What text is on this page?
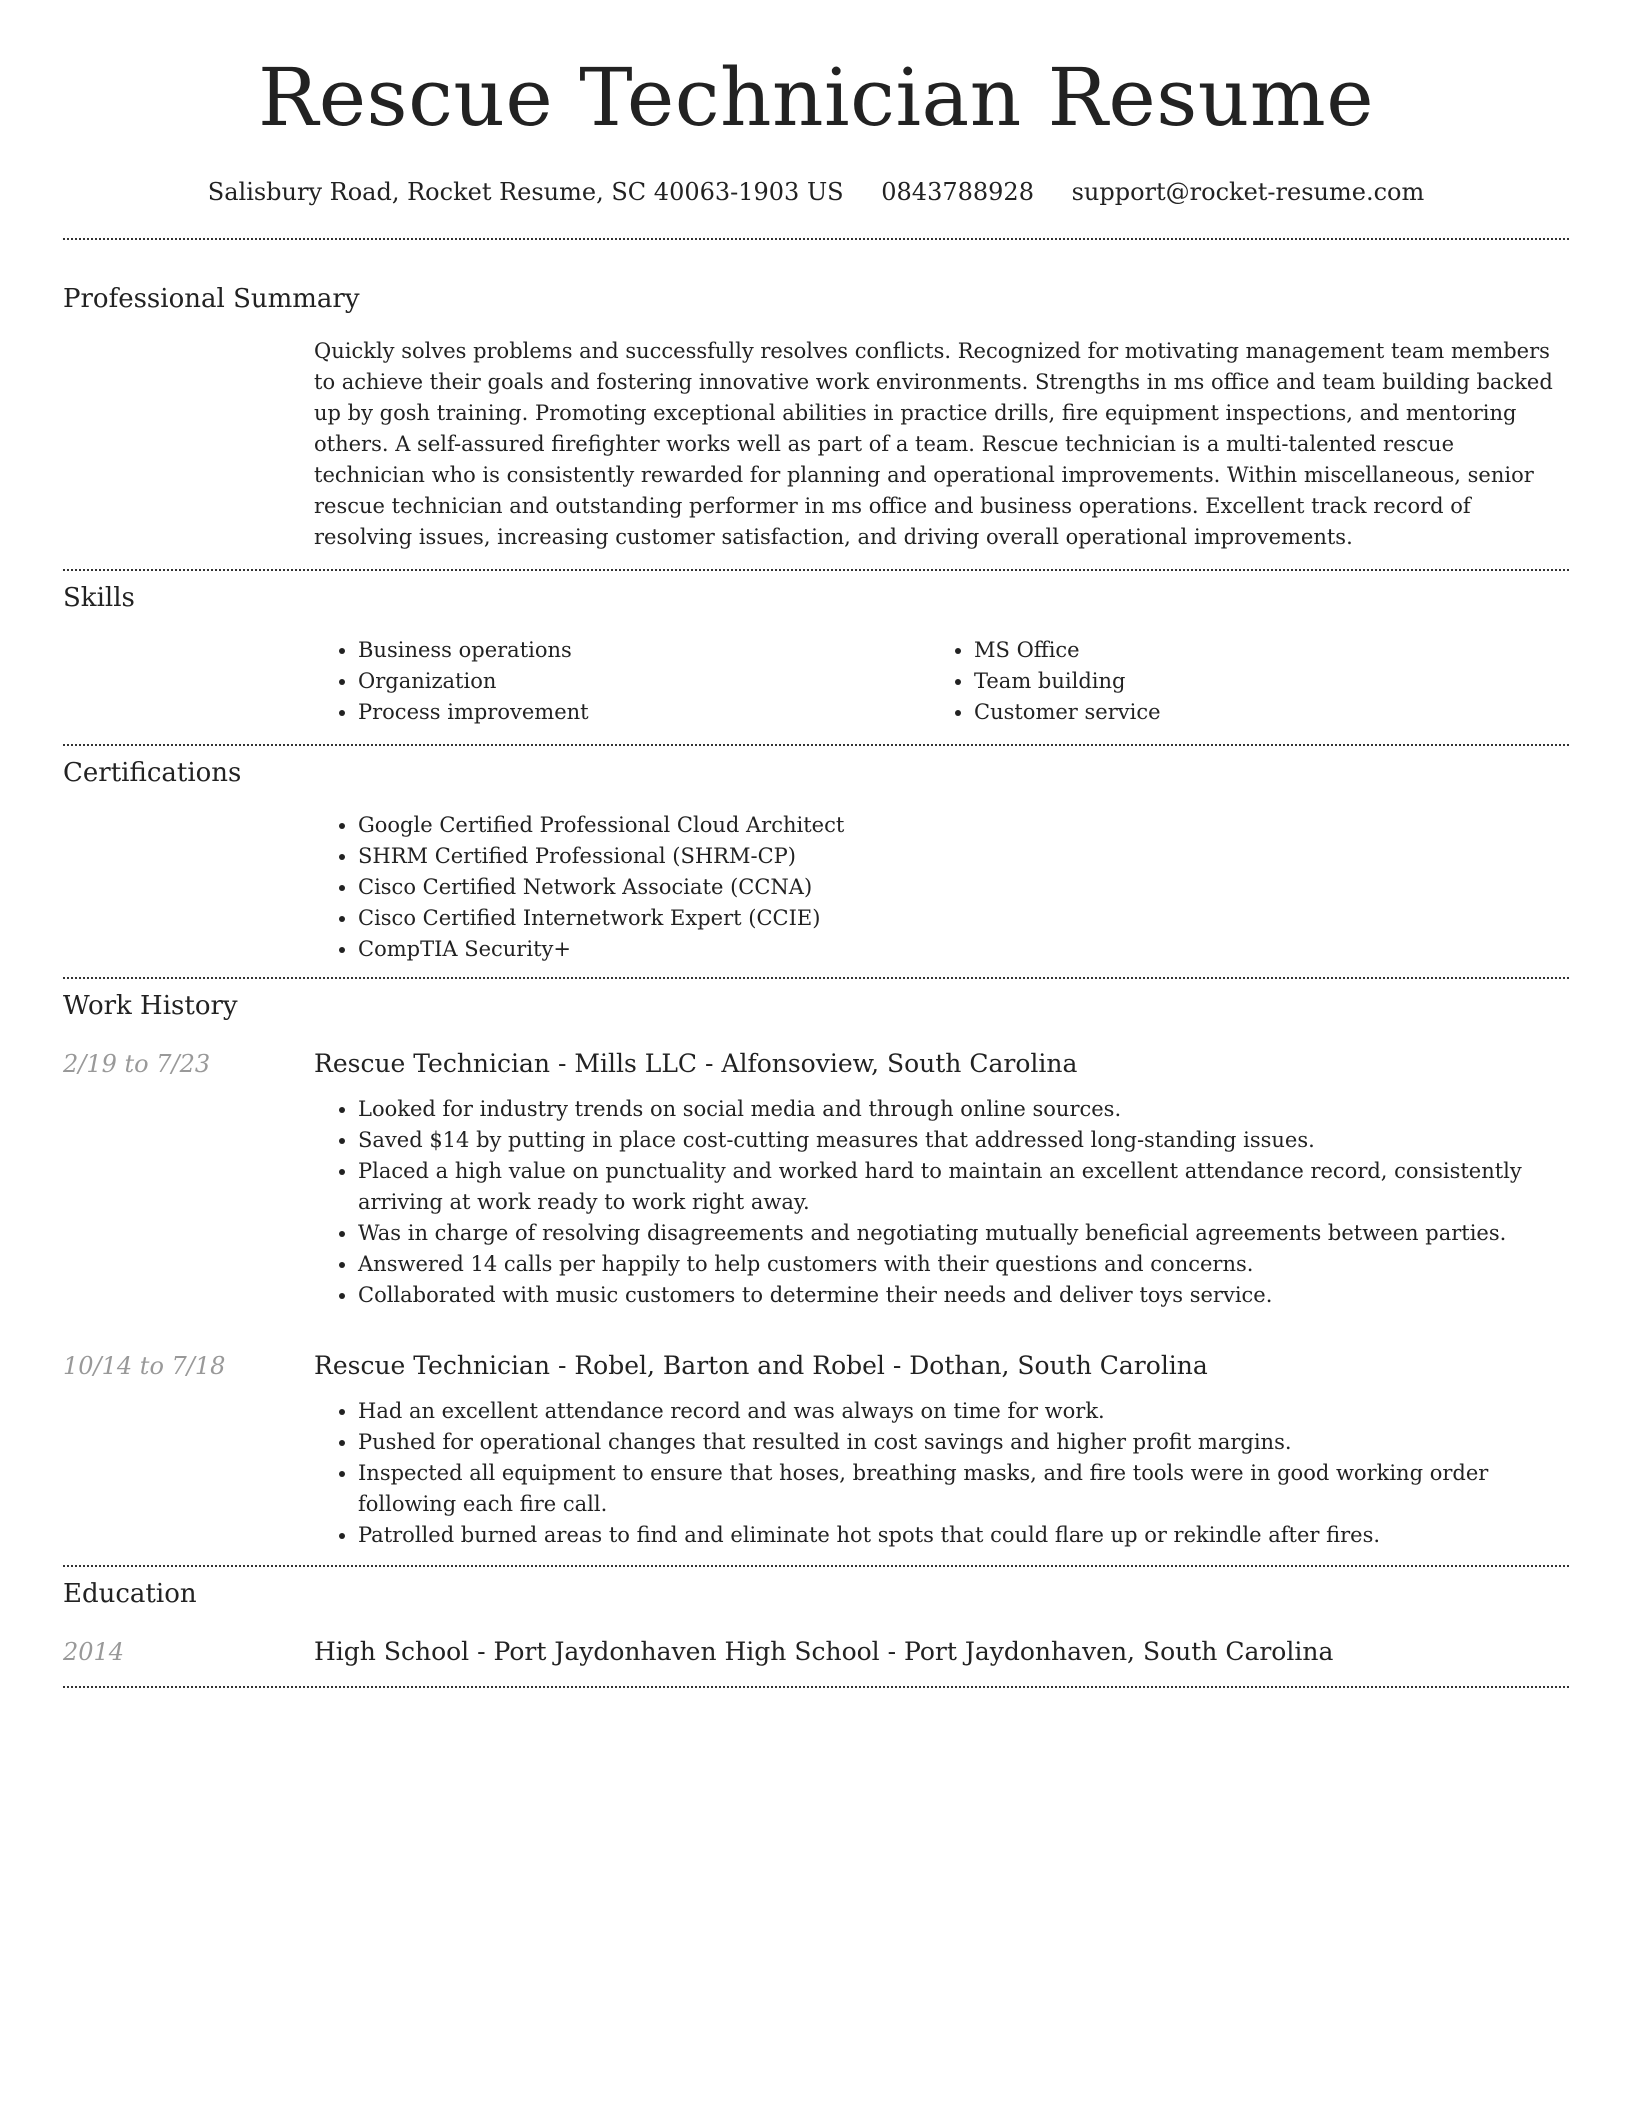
Rescue Technician Resume
Salisbury Road, Rocket Resume, SC 40063-1903 US 0843788928 support@rocket-resume.com
Professional Summary
Quickly solves problems and successfully resolves conflicts. Recognized for motivating management team members to achieve their goals and fostering innovative work environments. Strengths in ms office and team building backed up by gosh training. Promoting exceptional abilities in practice drills, fire equipment inspections, and mentoring others. A self-assured firefighter works well as part of a team. Rescue technician is a multi-talented rescue technician who is consistently rewarded for planning and operational improvements. Within miscellaneous, senior rescue technician and outstanding performer in ms office and business operations. Excellent track record of resolving issues, increasing customer satisfaction, and driving overall operational improvements.
Skills
• Business operations
• Organization
• Process improvement
• MS Office
• Team building
• Customer service
Certifications
• Google Certified Professional Cloud Architect
• SHRM Certified Professional (SHRM-CP)
• Cisco Certified Network Associate (CCNA)
• Cisco Certified Internetwork Expert (CCIE)
• CompTIA Security+
Work History
2/19 to 7/23	Rescue Technician - Mills LLC - Alfonsoview, South Carolina
• Looked for industry trends on social media and through online sources.
• Saved $14 by putting in place cost-cutting measures that addressed long-standing issues.
• Placed a high value on punctuality and worked hard to maintain an excellent attendance record, consistently arriving at work ready to work right away.
• Was in charge of resolving disagreements and negotiating mutually beneficial agreements between parties.
• Answered 14 calls per happily to help customers with their questions and concerns.
• Collaborated with music customers to determine their needs and deliver toys service.
10/14 to 7/18	Rescue Technician - Robel, Barton and Robel - Dothan, South Carolina
• Had an excellent attendance record and was always on time for work.
• Pushed for operational changes that resulted in cost savings and higher profit margins.
• Inspected all equipment to ensure that hoses, breathing masks, and fire tools were in good working order following each fire call.
• Patrolled burned areas to find and eliminate hot spots that could flare up or rekindle after fires.
Education
2014	High School - Port Jaydonhaven High School - Port Jaydonhaven, South Carolina
